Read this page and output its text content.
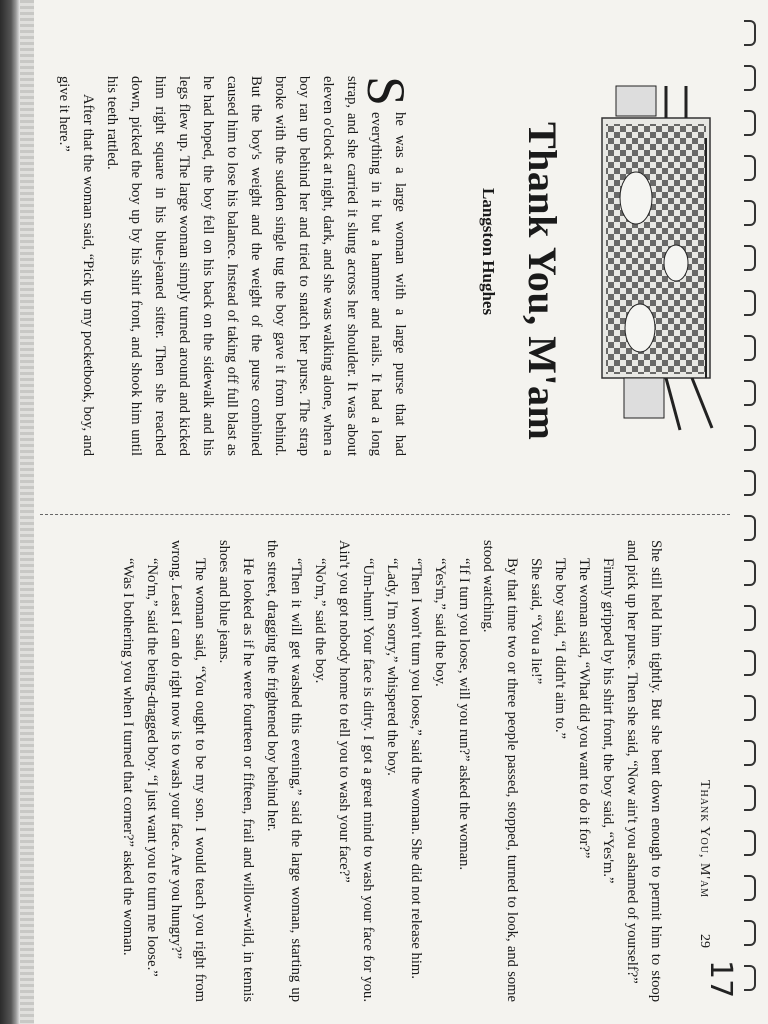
Thank You, M'am
Langston Hughes

S
he was a large woman with a large purse that had everything in it but a hammer and nails. It had a long strap, and she carried it slung across her shoulder. It was about eleven o'clock at night, dark, and she was walking alone, when a boy ran up behind her and tried to snatch her purse. The strap broke with the sudden single tug the boy gave it from behind. But the boy's weight and the weight of the purse combined caused him to lose his balance. Instead of taking off full blast as he had hoped, the boy fell on his back on the sidewalk and his legs flew up. The large woman simply turned around and kicked him right square in his blue-jeaned sitter. Then she reached down, picked the boy up by his shirt front, and shook him until his teeth rattled.

After that the woman said, “Pick up my pocketbook, boy, and give it here.”

Thank You, M'am
29
17

She still held him tightly. But she bent down enough to permit him to stoop and pick up her purse. Then she said, “Now ain't you ashamed of yourself?”

Firmly gripped by his shirt front, the boy said, “Yes'm.”

The woman said, “What did you want to do it for?”

The boy said, “I didn't aim to.”

She said, “You a lie!”

By that time two or three people passed, stopped, turned to look, and some stood watching.

“If I turn you loose, will you run?” asked the woman.

“Yes'm,” said the boy.

“Then I won't turn you loose,” said the woman. She did not release him.

“Lady, I'm sorry,” whispered the boy.

“Um-hum! Your face is dirty. I got a great mind to wash your face for you. Ain't you got nobody home to tell you to wash your face?”

“No'm,” said the boy.

“Then it will get washed this evening,” said the large woman, starting up the street, dragging the frightened boy behind her.

He looked as if he were fourteen or fifteen, frail and willow-wild, in tennis shoes and blue jeans.

The woman said, “You ought to be my son. I would teach you right from wrong. Least I can do right now is to wash your face. Are you hungry?”

“No'm,” said the being-dragged boy. “I just want you to turn me loose.”

“Was I bothering you when I turned that corner?” asked the woman.
